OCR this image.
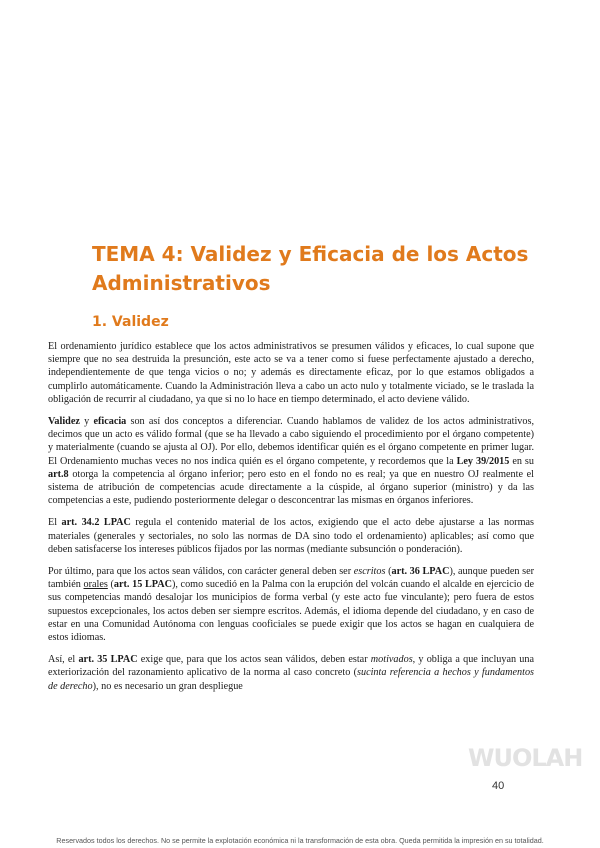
TEMA 4: Validez y Eficacia de los Actos Administrativos
1. Validez

El ordenamiento jurídico establece que los actos administrativos se presumen válidos y eficaces, lo cual supone que siempre que no sea destruida la presunción, este acto se va a tener como si fuese perfectamente ajustado a derecho, independientemente de que tenga vicios o no; y además es directamente eficaz, por lo que estamos obligados a cumplirlo automáticamente. Cuando la Administración lleva a cabo un acto nulo y totalmente viciado, se le traslada la obligación de recurrir al ciudadano, ya que si no lo hace en tiempo determinado, el acto deviene válido.

Validez y eficacia son así dos conceptos a diferenciar. Cuando hablamos de validez de los actos administrativos, decimos que un acto es válido formal (que se ha llevado a cabo siguiendo el procedimiento por el órgano competente) y materialmente (cuando se ajusta al OJ). Por ello, debemos identificar quién es el órgano competente en primer lugar. El Ordenamiento muchas veces no nos indica quién es el órgano competente, y recordemos que la Ley 39/2015 en su art.8 otorga la competencia al órgano inferior; pero esto en el fondo no es real; ya que en nuestro OJ realmente el sistema de atribución de competencias acude directamente a la cúspide, al órgano superior (ministro) y da las competencias a este, pudiendo posteriormente delegar o desconcentrar las mismas en órganos inferiores.

El art. 34.2 LPAC regula el contenido material de los actos, exigiendo que el acto debe ajustarse a las normas materiales (generales y sectoriales, no solo las normas de DA sino todo el ordenamiento) aplicables; así como que deben satisfacerse los intereses públicos fijados por las normas (mediante subsunción o ponderación).

Por último, para que los actos sean válidos, con carácter general deben ser escritos (art. 36 LPAC), aunque pueden ser también orales (art. 15 LPAC), como sucedió en la Palma con la erupción del volcán cuando el alcalde en ejercicio de sus competencias mandó desalojar los municipios de forma verbal (y este acto fue vinculante); pero fuera de estos supuestos excepcionales, los actos deben ser siempre escritos. Además, el idioma depende del ciudadano, y en caso de estar en una Comunidad Autónoma con lenguas cooficiales se puede exigir que los actos se hagan en cualquiera de estos idiomas.

Así, el art. 35 LPAC exige que, para que los actos sean válidos, deben estar motivados, y obliga a que incluyan una exteriorización del razonamiento aplicativo de la norma al caso concreto (sucinta referencia a hechos y fundamentos de derecho), no es necesario un gran despliegue

WUOLAH
40
Reservados todos los derechos. No se permite la explotación económica ni la transformación de esta obra. Queda permitida la impresión en su totalidad.
